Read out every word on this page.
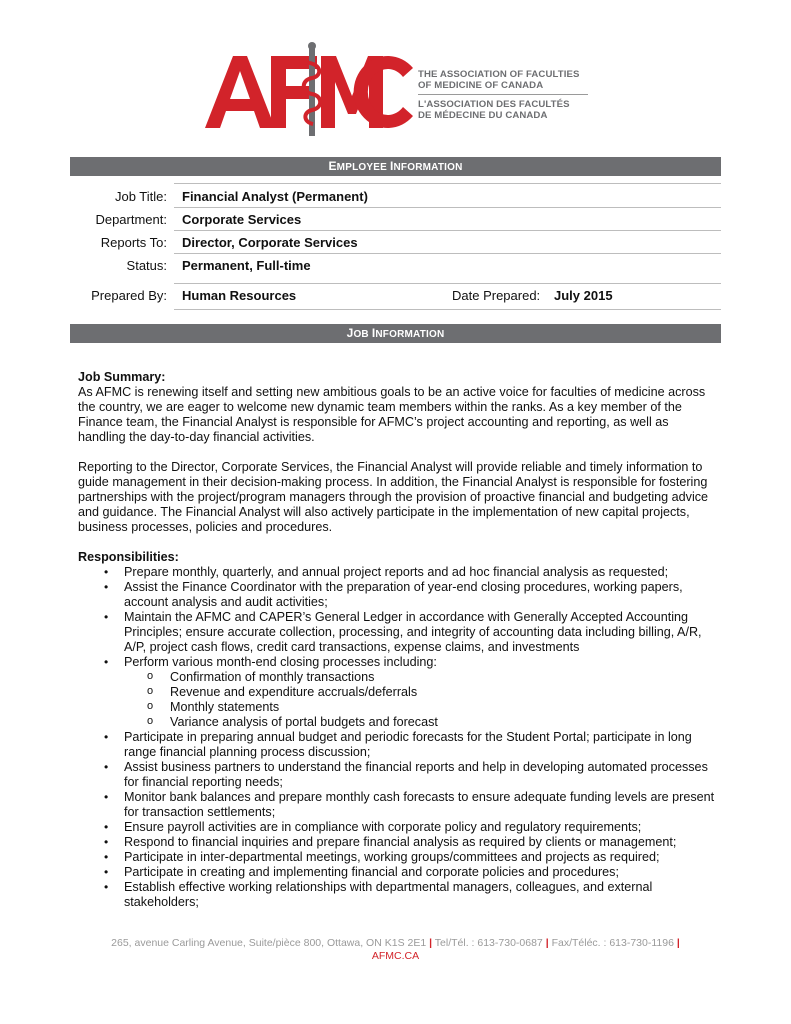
THE ASSOCIATION OF FACULTIES
OF MEDICINE OF CANADA
L'ASSOCIATION DES FACULTÉS
DE MÉDECINE DU CANADA
EMPLOYEE INFORMATION
Job Title: Financial Analyst (Permanent)
Department: Corporate Services
Reports To: Director, Corporate Services
Status: Permanent, Full-time
Prepared By: Human Resources	Date Prepared: July 2015
JOB INFORMATION

Job Summary:

As AFMC is renewing itself and setting new ambitious goals to be an active voice for faculties of medicine across the country, we are eager to welcome new dynamic team members within the ranks. As a key member of the Finance team, the Financial Analyst is responsible for AFMC’s project accounting and reporting, as well as handling the day-to-day financial activities.

Reporting to the Director, Corporate Services, the Financial Analyst will provide reliable and timely information to guide management in their decision-making process. In addition, the Financial Analyst is responsible for fostering partnerships with the project/program managers through the provision of proactive financial and budgeting advice and guidance. The Financial Analyst will also actively participate in the implementation of new capital projects, business processes, policies and procedures.

Responsibilities:

• Prepare monthly, quarterly, and annual project reports and ad hoc financial analysis as requested;
• Assist the Finance Coordinator with the preparation of year-end closing procedures, working papers, account analysis and audit activities;
• Maintain the AFMC and CAPER’s General Ledger in accordance with Generally Accepted Accounting Principles; ensure accurate collection, processing, and integrity of accounting data including billing, A/R, A/P, project cash flows, credit card transactions, expense claims, and investments
• Perform various month-end closing processes including:
o Confirmation of monthly transactions
o Revenue and expenditure accruals/deferrals
o Monthly statements
o Variance analysis of portal budgets and forecast
• Participate in preparing annual budget and periodic forecasts for the Student Portal; participate in long range financial planning process discussion;
• Assist business partners to understand the financial reports and help in developing automated processes for financial reporting needs;
• Monitor bank balances and prepare monthly cash forecasts to ensure adequate funding levels are present for transaction settlements;
• Ensure payroll activities are in compliance with corporate policy and regulatory requirements;
• Respond to financial inquiries and prepare financial analysis as required by clients or management;
• Participate in inter-departmental meetings, working groups/committees and projects as required;
• Participate in creating and implementing financial and corporate policies and procedures;
• Establish effective working relationships with departmental managers, colleagues, and external stakeholders;
265, avenue Carling Avenue, Suite/pièce 800, Ottawa, ON K1S 2E1 | Tel/Tél. : 613-730-0687 | Fax/Téléc. : 613-730-1196 |
AFMC.CA
